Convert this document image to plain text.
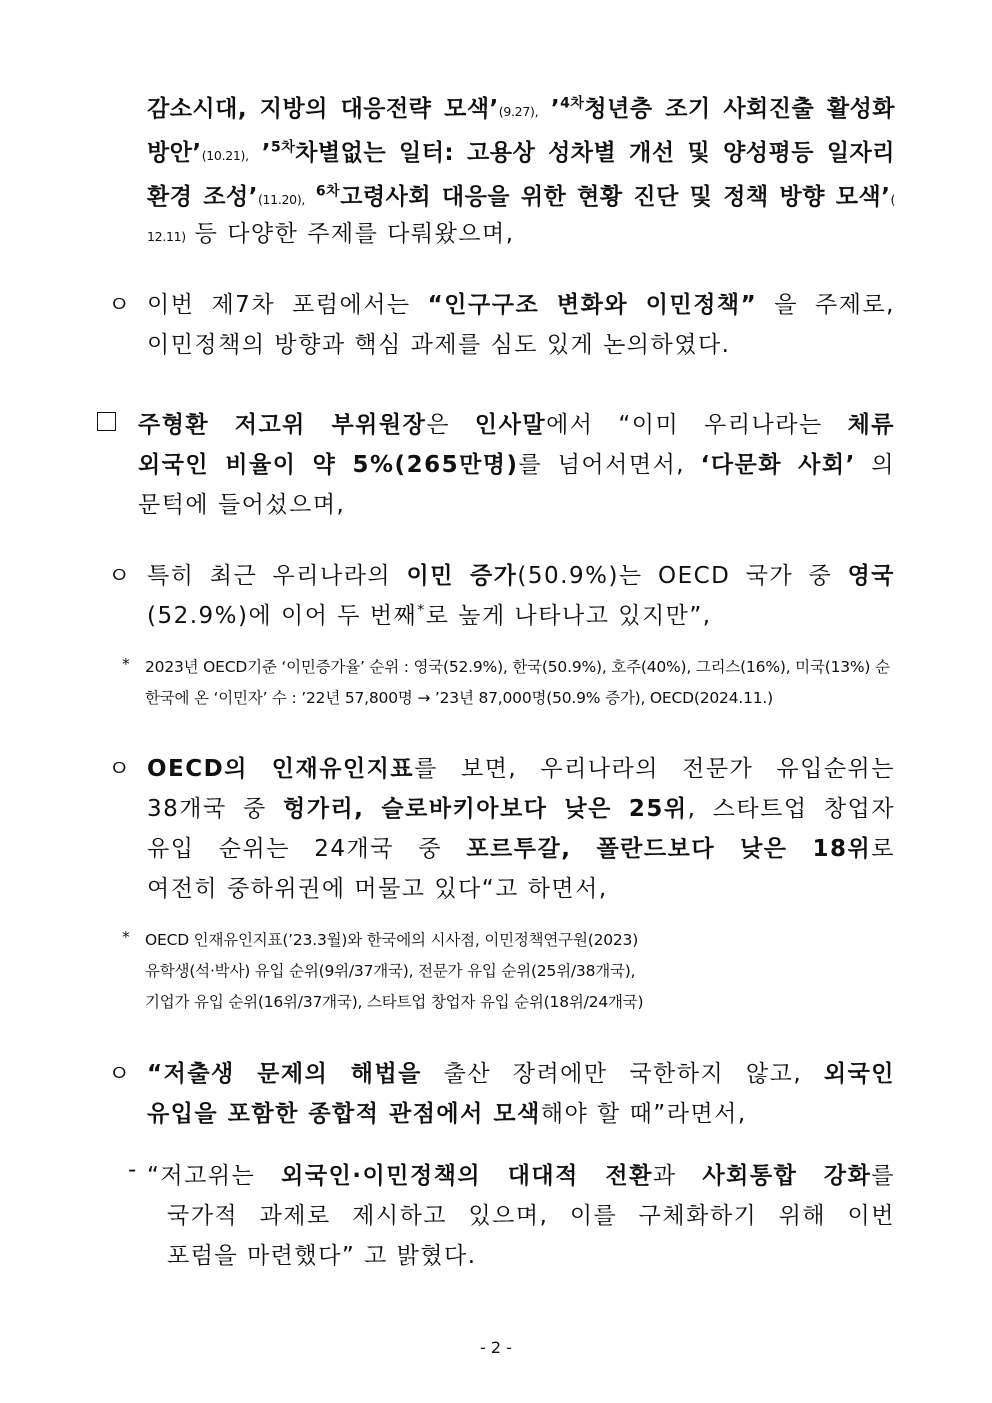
감소시대, 지방의 대응전략 모색’(9.27), ’$^{4차}$청년층 조기 사회진출 활성화
방안’(10.21), ’$^{5차}$차별없는 일터: 고용상 성차별 개선 및 양성평등 일자리
환경 조성’(11.20), $^{6차}$고령사회 대응을 위한 현황 진단 및 정책 방향 모색’(
12.11) 등 다양한 주제를 다뤄왔으며,
ㅇ 이번 제7차 포럼에서는 “인구구조 변화와 이민정책” 을 주제로,
이민정책의 방향과 핵심 과제를 심도 있게 논의하였다.
주형환 저고위 부위원장은 인사말에서 “이미 우리나라는 체류
외국인 비율이 약 5%(265만명)를 넘어서면서, ‘다문화 사회’ 의
문턱에 들어섰으며,
ㅇ 특히 최근 우리나라의 이민 증가(50.9%)는 OECD 국가 중 영국
(52.9%)에 이어 두 번째*로 높게 나타나고 있지만”,
* 2023년 OECD기준 ‘이민증가율’ 순위 : 영국(52.9%), 한국(50.9%), 호주(40%), 그리스(16%), 미국(13%) 순
한국에 온 ‘이민자’ 수 : ’22년 57,800명 → ’23년 87,000명(50.9% 증가), OECD(2024.11.)
ㅇ OECD의 인재유인지표를 보면, 우리나라의 전문가 유입순위는
38개국 중 헝가리, 슬로바키아보다 낮은 25위, 스타트업 창업자
유입 순위는 24개국 중 포르투갈, 폴란드보다 낮은 18위로
여전히 중하위권에 머물고 있다“고 하면서,
* OECD 인재유인지표(’23.3월)와 한국에의 시사점, 이민정책연구원(2023)
유학생(석·박사) 유입 순위(9위/37개국), 전문가 유입 순위(25위/38개국),
기업가 유입 순위(16위/37개국), 스타트업 창업자 유입 순위(18위/24개국)
ㅇ “저출생 문제의 해법을 출산 장려에만 국한하지 않고, 외국인
유입을 포함한 종합적 관점에서 모색해야 할 때”라면서,
- “저고위는 외국인·이민정책의 대대적 전환과 사회통합 강화를
국가적 과제로 제시하고 있으며, 이를 구체화하기 위해 이번
포럼을 마련했다” 고 밝혔다.
- 2 -
